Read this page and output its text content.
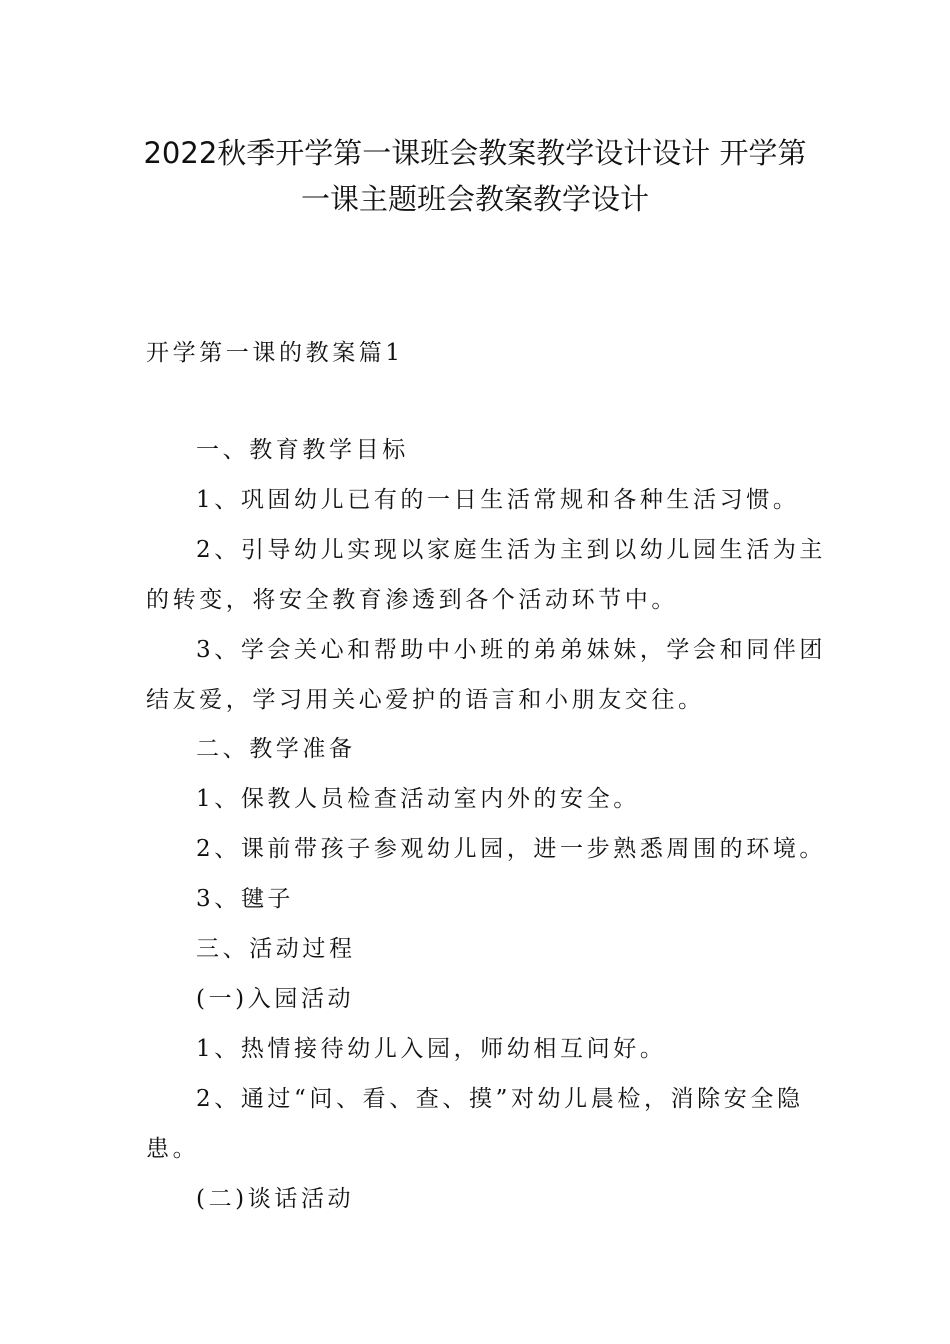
2022秋季开学第一课班会教案教学设计设计 开学第
一课主题班会教案教学设计

开学第一课的教案篇1

一、教育教学目标

1、巩固幼儿已有的一日生活常规和各种生活习惯。

2、引导幼儿实现以家庭生活为主到以幼儿园生活为主

的转变，将安全教育渗透到各个活动环节中。

3、学会关心和帮助中小班的弟弟妹妹，学会和同伴团

结友爱，学习用关心爱护的语言和小朋友交往。

二、教学准备

1、保教人员检查活动室内外的安全。

2、课前带孩子参观幼儿园，进一步熟悉周围的环境。

3、毽子

三、活动过程

(一)入园活动

1、热情接待幼儿入园，师幼相互问好。

2、通过“问、看、查、摸”对幼儿晨检，消除安全隐

患。

(二)谈话活动
